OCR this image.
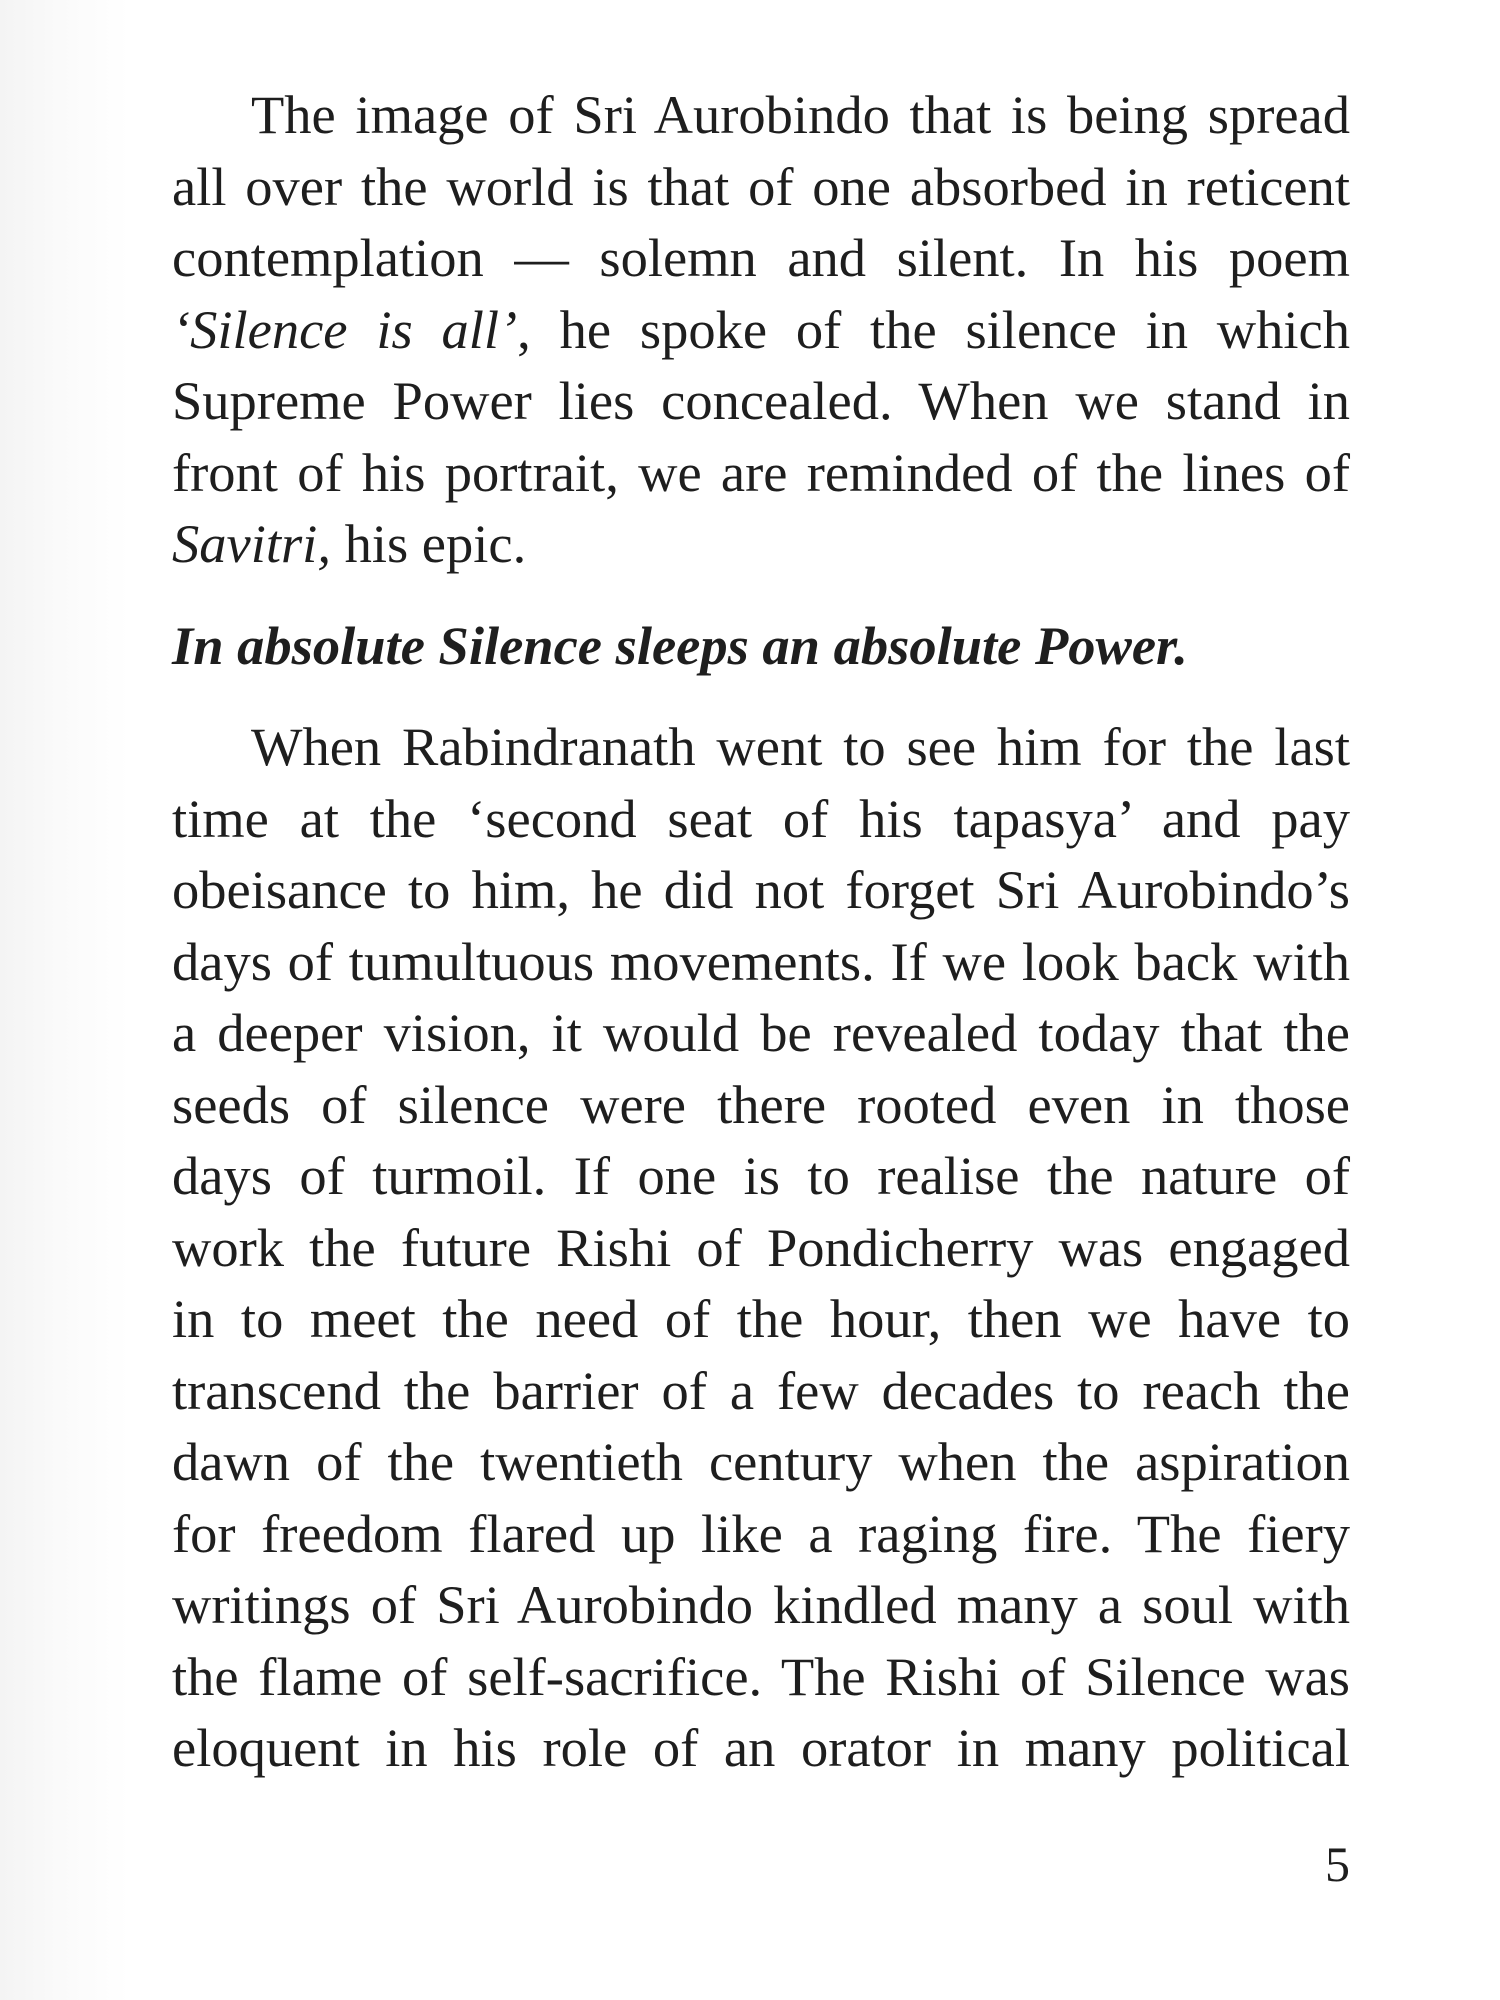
The image of Sri Aurobindo that is being spread
all over the world is that of one absorbed in reticent
contemplation — solemn and silent. In his poem
‘Silence is all’, he spoke of the silence in which
Supreme Power lies concealed. When we stand in
front of his portrait, we are reminded of the lines of
Savitri, his epic.
In absolute Silence sleeps an absolute Power.
When Rabindranath went to see him for the last
time at the ‘second seat of his tapasya’ and pay
obeisance to him, he did not forget Sri Aurobindo’s
days of tumultuous movements. If we look back with
a deeper vision, it would be revealed today that the
seeds of silence were there rooted even in those
days of turmoil. If one is to realise the nature of
work the future Rishi of Pondicherry was engaged
in to meet the need of the hour, then we have to
transcend the barrier of a few decades to reach the
dawn of the twentieth century when the aspiration
for freedom flared up like a raging fire. The fiery
writings of Sri Aurobindo kindled many a soul with
the flame of self-sacrifice. The Rishi of Silence was
eloquent in his role of an orator in many political
5
